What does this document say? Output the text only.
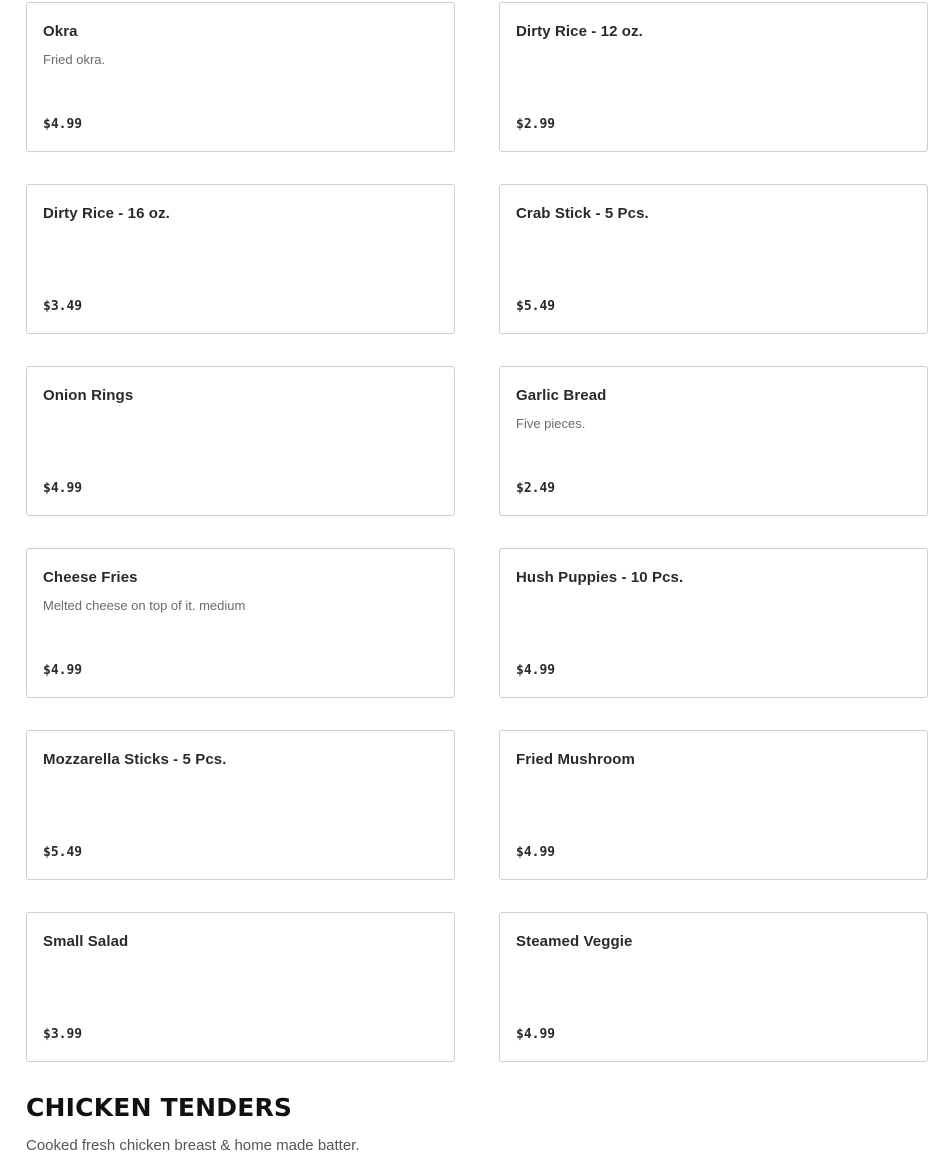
Okra
Fried okra.
$4.99
Dirty Rice - 12 oz.
$2.99
Dirty Rice - 16 oz.
$3.49
Crab Stick - 5 Pcs.
$5.49
Onion Rings
$4.99
Garlic Bread
Five pieces.
$2.49
Cheese Fries
Melted cheese on top of it. medium
$4.99
Hush Puppies - 10 Pcs.
$4.99
Mozzarella Sticks - 5 Pcs.
$5.49
Fried Mushroom
$4.99
Small Salad
$3.99
Steamed Veggie
$4.99
CHICKEN TENDERS
Cooked fresh chicken breast & home made batter.
